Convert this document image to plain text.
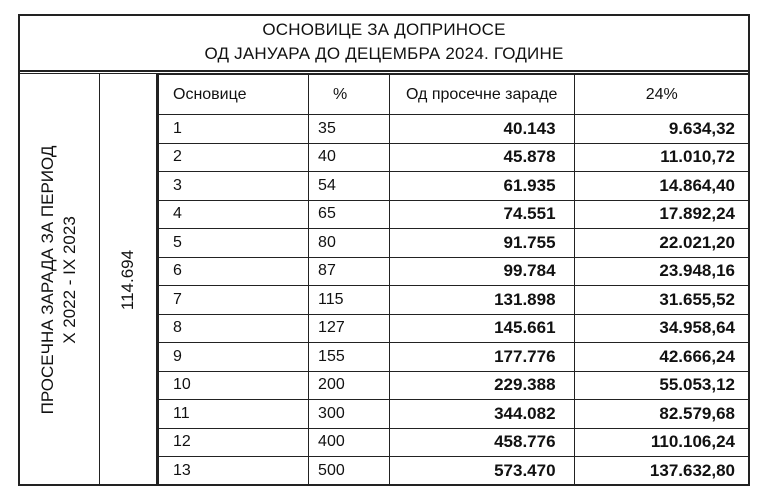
ОСНОВИЦЕ ЗА ДОПРИНОСЕ
ОД ЈАНУАРА ДО ДЕЦЕМБРА 2024. ГОДИНЕ
ПРОСЕЧНА ЗАРАДА ЗА ПЕРИОД X 2022 - IX 2023 114.694
Основице	%	Од просечне зараде	24%
1	35	40.143	9.634,32
2	40	45.878	11.010,72
3	54	61.935	14.864,40
4	65	74.551	17.892,24
5	80	91.755	22.021,20
6	87	99.784	23.948,16
7	115	131.898	31.655,52
8	127	145.661	34.958,64
9	155	177.776	42.666,24
10	200	229.388	55.053,12
11	300	344.082	82.579,68
12	400	458.776	110.106,24
13	500	573.470	137.632,80
